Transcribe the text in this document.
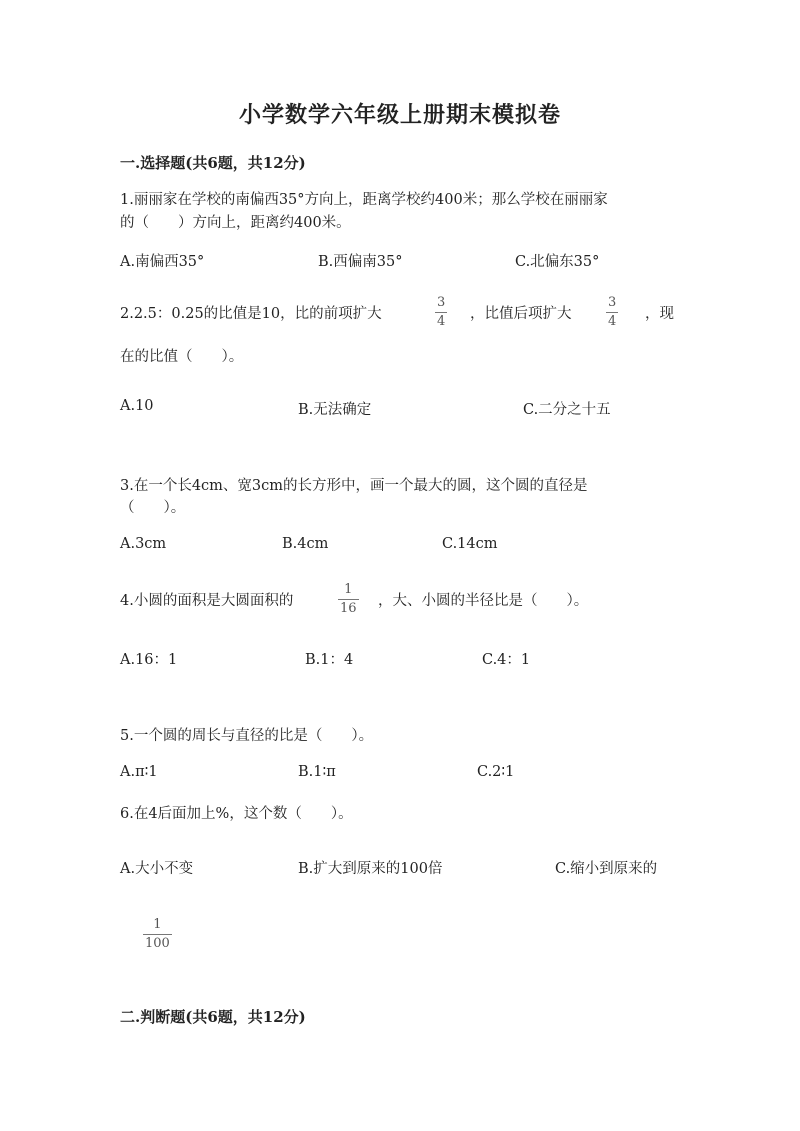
小学数学六年级上册期末模拟卷
一.选择题(共6题，共12分)
1.丽丽家在学校的南偏西35°方向上，距离学校约400米；那么学校在丽丽家
的（　　）方向上，距离约400米。
A.南偏西35°	B.西偏南35°	C.北偏东35°
2.2.5：0.25的比值是10，比的前项扩大
3
4 ，比值后项扩大
3
4 ，现
在的比值（　　）。
A.10	B.无法确定	C.二分之十五
3.在一个长4cm、宽3cm的长方形中，画一个最大的圆，这个圆的直径是
（　　）。
A.3cm	B.4cm	C.14cm
4.小圆的面积是大圆面积的
1
16 ，大、小圆的半径比是（　　）。
A.16：1	B.1：4	C.4：1
5.一个圆的周长与直径的比是（　　）。
A.π∶1	B.1∶π	C.2∶1
6.在4后面加上%，这个数（　　）。
A.大小不变	B.扩大到原来的100倍	C.缩小到原来的
1
100
二.判断题(共6题，共12分)
